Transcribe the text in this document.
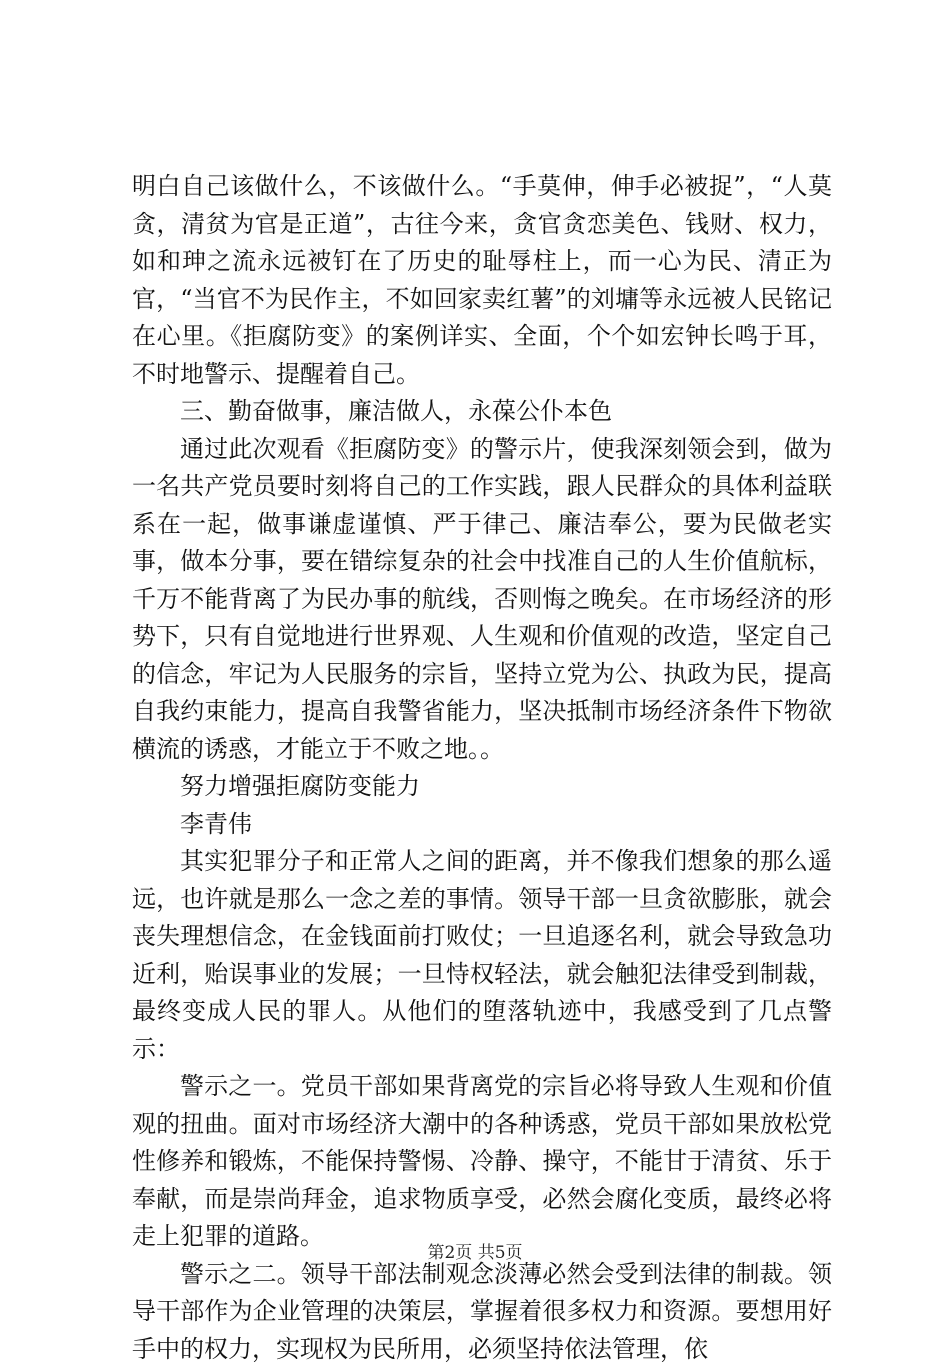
明白自己该做什么，不该做什么。“手莫伸，伸手必被捉”，“人莫贪，清贫为官是正道”，古往今来，贪官贪恋美色、钱财、权力，如和珅之流永远被钉在了历史的耻辱柱上，而一心为民、清正为官，“当官不为民作主，不如回家卖红薯”的刘墉等永远被人民铭记在心里。《拒腐防变》的案例详实、全面，个个如宏钟长鸣于耳，不时地警示、提醒着自己。

三、勤奋做事，廉洁做人，永葆公仆本色

通过此次观看《拒腐防变》的警示片，使我深刻领会到，做为一名共产党员要时刻将自己的工作实践，跟人民群众的具体利益联系在一起，做事谦虚谨慎、严于律己、廉洁奉公，要为民做老实事，做本分事，要在错综复杂的社会中找准自己的人生价值航标，千万不能背离了为民办事的航线，否则悔之晚矣。在市场经济的形势下，只有自觉地进行世界观、人生观和价值观的改造，坚定自己的信念，牢记为人民服务的宗旨，坚持立党为公、执政为民，提高自我约束能力，提高自我警省能力，坚决抵制市场经济条件下物欲横流的诱惑，才能立于不败之地。。

努力增强拒腐防变能力

李青伟

其实犯罪分子和正常人之间的距离，并不像我们想象的那么遥远，也许就是那么一念之差的事情。领导干部一旦贪欲膨胀，就会丧失理想信念，在金钱面前打败仗；一旦追逐名利，就会导致急功近利，贻误事业的发展；一旦恃权轻法，就会触犯法律受到制裁，最终变成人民的罪人。从他们的堕落轨迹中，我感受到了几点警示：

警示之一。党员干部如果背离党的宗旨必将导致人生观和价值观的扭曲。面对市场经济大潮中的各种诱惑，党员干部如果放松党性修养和锻炼，不能保持警惕、冷静、操守，不能甘于清贫、乐于奉献，而是崇尚拜金，追求物质享受，必然会腐化变质，最终必将走上犯罪的道路。

警示之二。领导干部法制观念淡薄必然会受到法律的制裁。领导干部作为企业管理的决策层，掌握着很多权力和资源。要想用好手中的权力，实现权为民所用，必须坚持依法管理，依

第2页 共5页
